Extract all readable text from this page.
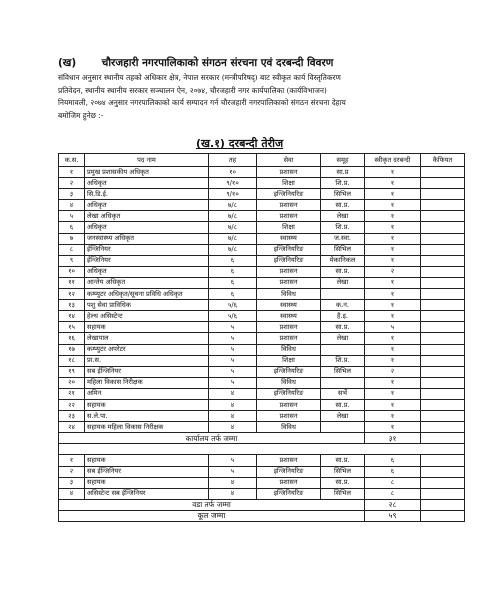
(ख) चौरजहारी नगरपालिकाको संगठन संरचना एवं दरबन्दी विवरण
संविधान अनुसार स्थानीय तहको अधिकार क्षेत्र, नेपाल सरकार (मन्त्रीपरिषद्) बाट स्वीकृत कार्य विस्तृतिकरण
प्रतिवेदन, स्थानीय स्थानीय सरकार सञ्चालन ऐन, २०७४, चौरजहारी नगर कार्यपालिका (कार्यविभाजन)
नियमावली, २०७४ अनुसार नगरपालिकाको कार्य सम्पादन गर्न चौरजहारी नगरपालिकाको संगठन संरचना देहाय
बमोजिम हुनेछ :-
(ख.१) दरबन्दी तेरीज
क.स.	पद नाम	तह	सेवा	समूह	स्वीकृत दरबन्दी	कैफियत
१	प्रमुख प्रशासकीय अधिकृत	१०	प्रशासन	सा.प्र	१	
२	अधिकृत	९/१०	शिक्षा	शि.प्र.	१	
३	सि.डि.ई.	९/१०	इन्जिनियरिङ	सिभिल	१	
४	अधिकृत	७/८	प्रशासन	सा.प्र.	१	
५	लेखा अधिकृत	७/८	प्रशासन	लेखा	१	
६	अधिकृत	७/८	शिक्षा	शि.प्र.	१	
७	जनस्वास्थ्य अधिकृत	७/८	स्वास्थ्य	ज.स्वा.	१	
८	ईन्जिनियर	७/८	इन्जिनियरिङ	सिभिल	१	
९	ईन्जिनियर	६	इन्जिनियरिङ	मेकानिकल	१	
१०	अधिकृत	६	प्रशासन	सा.प्र.	२	
११	आन्तेय अधिकृत	६	प्रशासन	लेखा	१	
१२	कम्प्युटर अधिकृत/सूचना प्रविधि अधिकृत	६	विविध		१	
१३	पशु सेवा प्राविधिक	५/६	स्वास्थ्य	क.न.	१	
१४	हेल्थ असिस्टेन्ट	५/६	स्वास्थ्य	है.इ.	१	
१५	सहायक	५	प्रशासन	सा.प्र.	५	
१६	लेखापाल	५	प्रशासन	लेखा	१	
१७	कम्प्युटर अपरेटर	५	विविध		१	
१८	प्रा.स.	५	शिक्षा	शि.प्र.	१	
१९	सब ईन्जिनियर	५	इन्जिनियरिङ	सिभिल	२	
२०	महिला विकास निरीक्षक	५	विविध		१	
२१	अमिन	४	इन्जिनियरिङ	सर्भे	१	
२२	सहायक	४	प्रशासन	सा.प्र.	१	
२३	स.ले.पा.	४	प्रशासन	लेखा	१	
२४	सहायक महिला विकास निरीक्षक	४	विविध		१	
कार्यालय तर्फ जम्मा					३१	

१	सहायक	५	प्रशासन	सा.प्र.	६	
२	सब ईन्जिनियर	५	इन्जिनियरिङ	सिभिल	६	
३	सहायक	४	प्रशासन	सा.प्र.	८	
४	असिस्टेन्ट सब ईन्जिनियर	४	इन्जिनियरिङ	सिभिल	८	
वडा तर्फ जम्मा					२८	
कूल जम्मा					५९	
